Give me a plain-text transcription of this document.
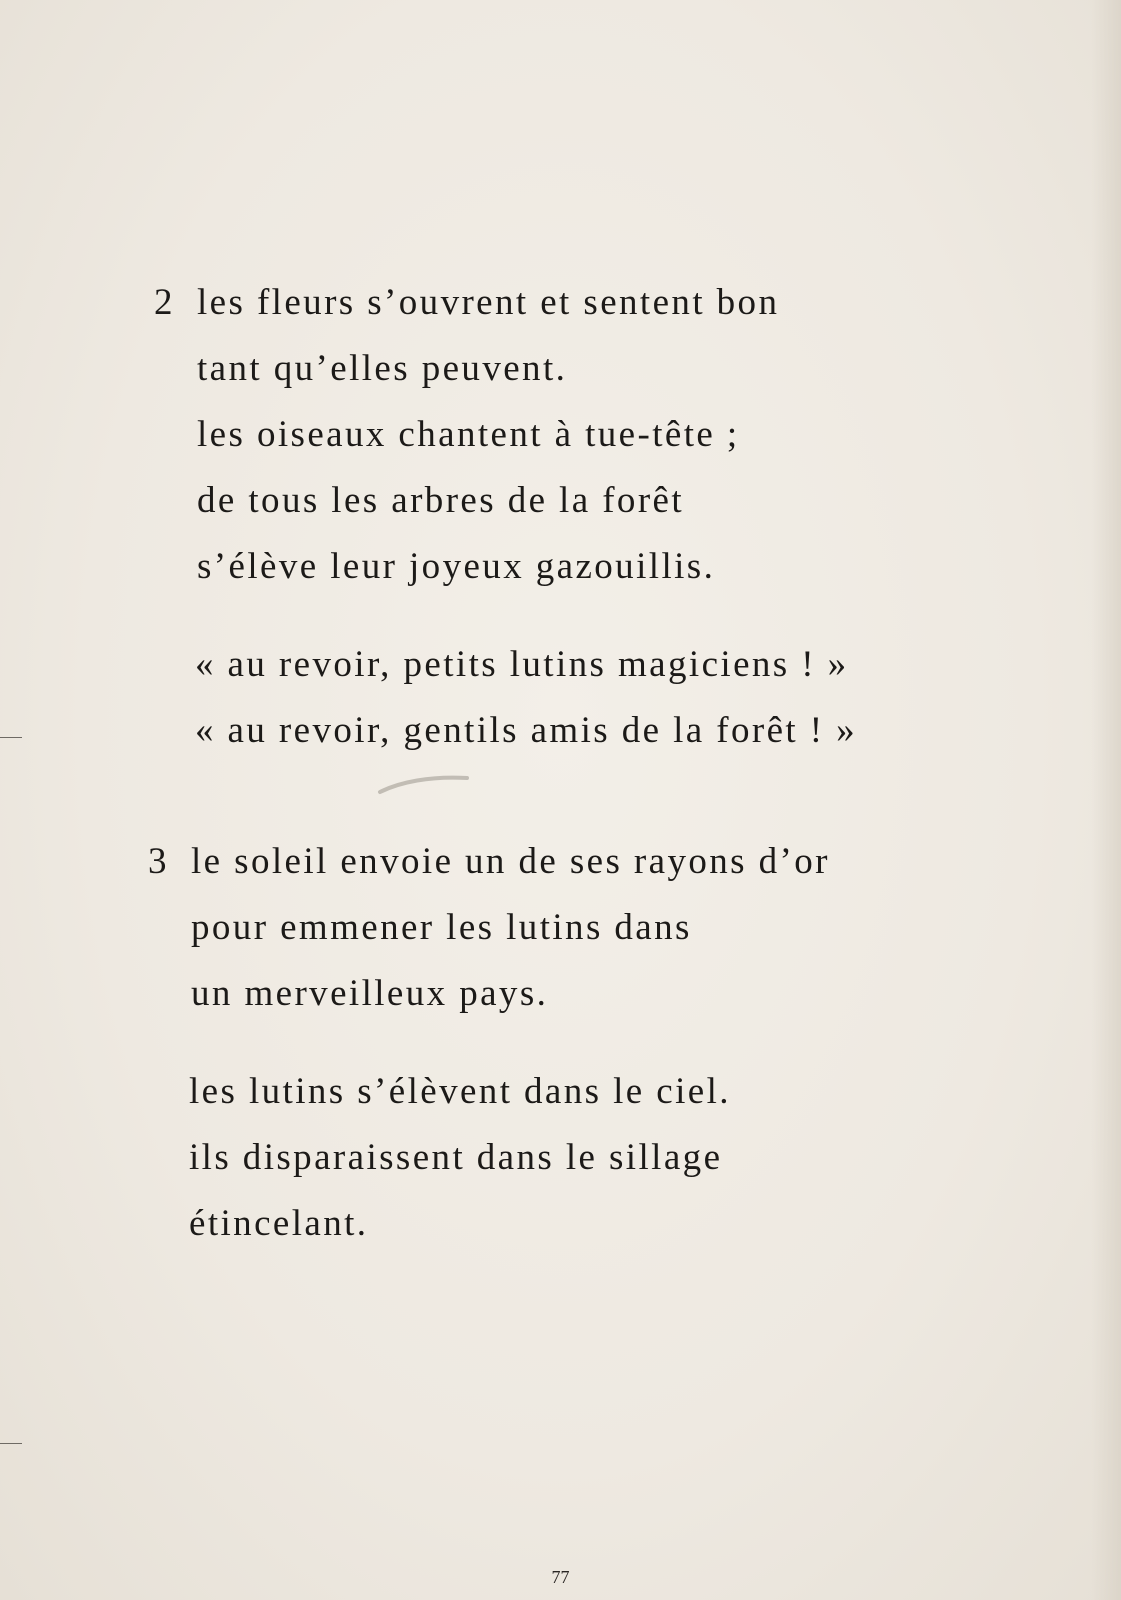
2 les fleurs s’ouvrent et sentent bon
tant qu’elles peuvent.
les oiseaux chantent à tue-tête ;
de tous les arbres de la forêt
s’élève leur joyeux gazouillis.
« au revoir, petits lutins magiciens ! »
« au revoir, gentils amis de la forêt ! »
3 le soleil envoie un de ses rayons d’or
pour emmener les lutins dans
un merveilleux pays.
les lutins s’élèvent dans le ciel.
ils disparaissent dans le sillage
étincelant.
77
